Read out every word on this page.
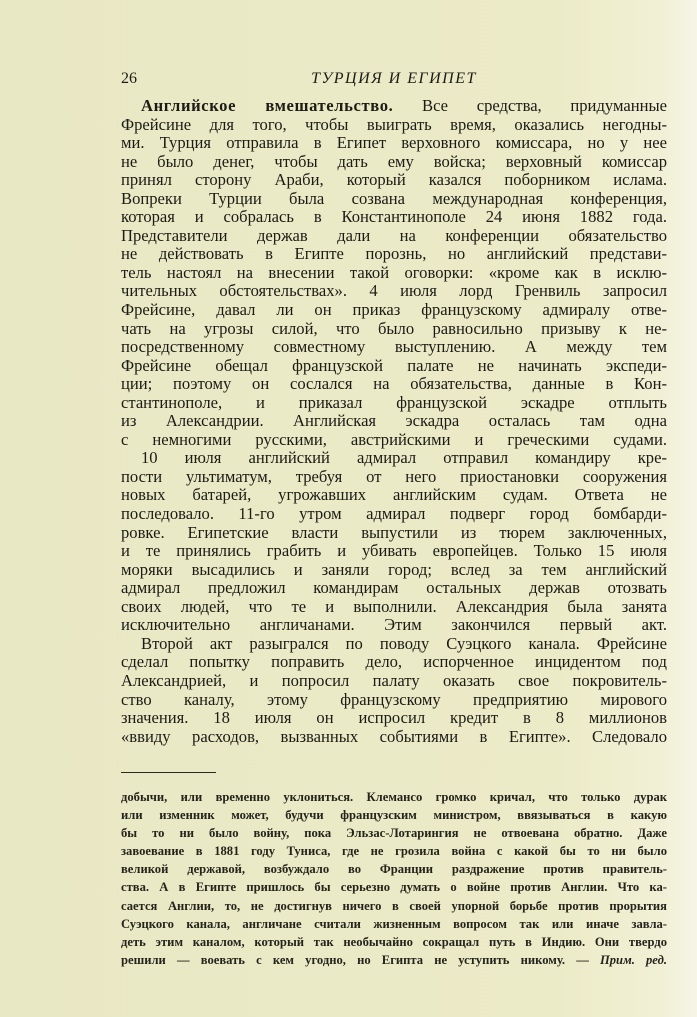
26	ТУРЦИЯ И ЕГИПЕТ
Английское вмешательство. Все средства, придуманные
Фрейсине для того, чтобы выиграть время, оказались негодны-
ми. Турция отправила в Египет верховного комиссара, но у нее
не было денег, чтобы дать ему войска; верховный комиссар
принял сторону Араби, который казался поборником ислама.
Вопреки Турции была созвана международная конференция,
которая и собралась в Константинополе 24 июня 1882 года.
Представители держав дали на конференции обязательство
не действовать в Египте порознь, но английский представи-
тель настоял на внесении такой оговорки: «кроме как в исклю-
чительных обстоятельствах». 4 июля лорд Гренвиль запросил
Фрейсине, давал ли он приказ французскому адмиралу отве-
чать на угрозы силой, что было равносильно призыву к не-
посредственному совместному выступлению. А между тем
Фрейсине обещал французской палате не начинать экспеди-
ции; поэтому он сослался на обязательства, данные в Кон-
стантинополе, и приказал французской эскадре отплыть
из Александрии. Английская эскадра осталась там одна
с немногими русскими, австрийскими и греческими судами.
10 июля английский адмирал отправил командиру кре-
пости ультиматум, требуя от него приостановки сооружения
новых батарей, угрожавших английским судам. Ответа не
последовало. 11-го утром адмирал подверг город бомбарди-
ровке. Египетские власти выпустили из тюрем заключенных,
и те принялись грабить и убивать европейцев. Только 15 июля
моряки высадились и заняли город; вслед за тем английский
адмирал предложил командирам остальных держав отозвать
своих людей, что те и выполнили. Александрия была занята
исключительно англичанами. Этим закончился первый акт.
Второй акт разыгрался по поводу Суэцкого канала. Фрейсине
сделал попытку поправить дело, испорченное инцидентом под
Александрией, и попросил палату оказать свое покровитель-
ство каналу, этому французскому предприятию мирового
значения. 18 июля он испросил кредит в 8 миллионов
«ввиду расходов, вызванных событиями в Египте». Следовало
добычи, или временно уклониться. Клемансо громко кричал, что только дурак
или изменник может, будучи французским министром, ввязываться в какую
бы то ни было войну, пока Эльзас-Лотарингия не отвоевана обратно. Даже
завоевание в 1881 году Туниса, где не грозила война с какой бы то ни было
великой державой, возбуждало во Франции раздражение против правитель-
ства. А в Египте пришлось бы серьезно думать о войне против Англии. Что ка-
сается Англии, то, не достигнув ничего в своей упорной борьбе против прорытия
Суэцкого канала, англичане считали жизненным вопросом так или иначе завла-
деть этим каналом, который так необычайно сокращал путь в Индию. Они твердо
решили — воевать с кем угодно, но Египта не уступить никому. — Прим. ред.
